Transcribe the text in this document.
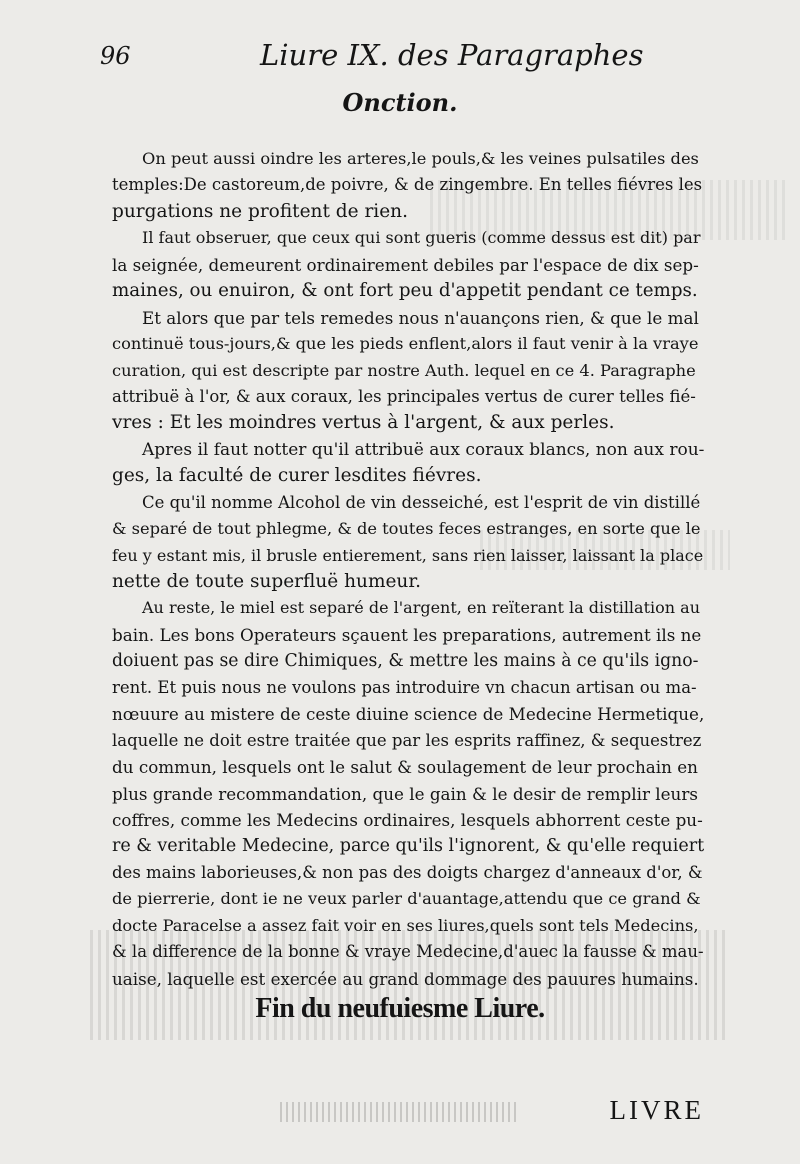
96	Liure IX. des Paragraphes
Onction.
On peut aussi oindre les arteres,le pouls,& les veines pulsatiles des
temples:De castoreum,de poivre, & de zingembre. En telles fiévres les
purgations ne profitent de rien.
Il faut obseruer, que ceux qui sont gueris (comme dessus est dit) par
la seignée, demeurent ordinairement debiles par l'espace de dix sep-
maines, ou enuiron, & ont fort peu d'appetit pendant ce temps.
Et alors que par tels remedes nous n'auançons rien, & que le mal
continuë tous-jours,& que les pieds enflent,alors il faut venir à la vraye
curation, qui est descripte par nostre Auth. lequel en ce 4. Paragraphe
attribuë à l'or, & aux coraux, les principales vertus de curer telles fié-
vres : Et les moindres vertus à l'argent, & aux perles.
Apres il faut notter qu'il attribuë aux coraux blancs, non aux rou-
ges, la faculté de curer lesdites fiévres.
Ce qu'il nomme Alcohol de vin desseiché, est l'esprit de vin distillé
& separé de tout phlegme, & de toutes feces estranges, en sorte que le
feu y estant mis, il brusle entierement, sans rien laisser, laissant la place
nette de toute superfluë humeur.
Au reste, le miel est separé de l'argent, en reïterant la distillation au
bain. Les bons Operateurs sçauent les preparations, autrement ils ne
doiuent pas se dire Chimiques, & mettre les mains à ce qu'ils igno-
rent. Et puis nous ne voulons pas introduire vn chacun artisan ou ma-
nœuure au mistere de ceste diuine science de Medecine Hermetique,
laquelle ne doit estre traitée que par les esprits raffinez, & sequestrez
du commun, lesquels ont le salut & soulagement de leur prochain en
plus grande recommandation, que le gain & le desir de remplir leurs
coffres, comme les Medecins ordinaires, lesquels abhorrent ceste pu-
re & veritable Medecine, parce qu'ils l'ignorent, & qu'elle requiert
des mains laborieuses,& non pas des doigts chargez d'anneaux d'or, &
de pierrerie, dont ie ne veux parler d'auantage,attendu que ce grand &
docte Paracelse a assez fait voir en ses liures,quels sont tels Medecins,
& la difference de la bonne & vraye Medecine,d'auec la fausse & mau-
uaise, laquelle est exercée au grand dommage des pauures humains.
Fin du neufuiesme Liure.
LIVRE
